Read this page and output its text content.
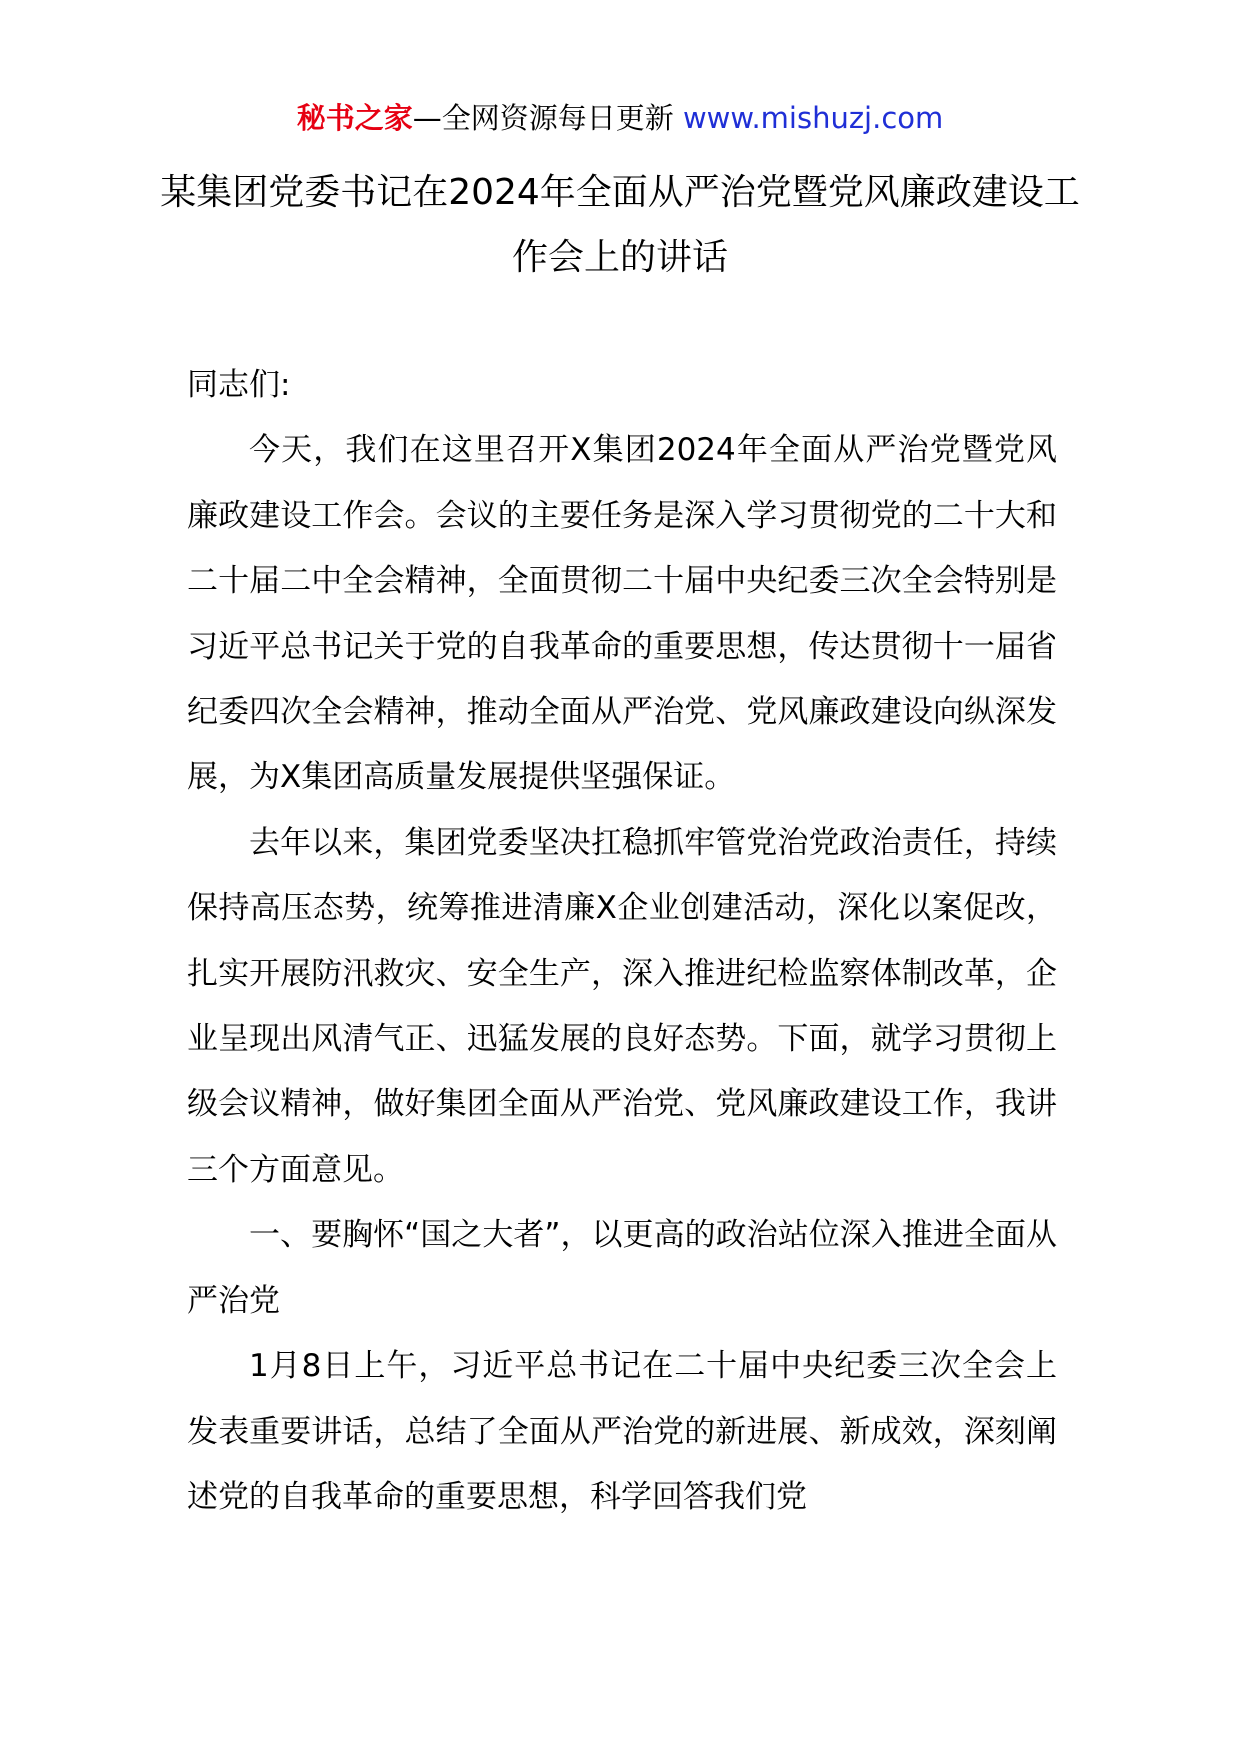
秘书之家—全网资源每日更新 www.mishuzj.com
某集团党委书记在2024年全面从严治党暨党风廉政建设工作会上的讲话

同志们:

今天，我们在这里召开X集团2024年全面从严治党暨党风廉政建设工作会。会议的主要任务是深入学习贯彻党的二十大和二十届二中全会精神，全面贯彻二十届中央纪委三次全会特别是习近平总书记关于党的自我革命的重要思想，传达贯彻十一届省纪委四次全会精神，推动全面从严治党、党风廉政建设向纵深发展，为X集团高质量发展提供坚强保证。

去年以来，集团党委坚决扛稳抓牢管党治党政治责任，持续保持高压态势，统筹推进清廉X企业创建活动，深化以案促改，扎实开展防汛救灾、安全生产，深入推进纪检监察体制改革，企业呈现出风清气正、迅猛发展的良好态势。下面，就学习贯彻上级会议精神，做好集团全面从严治党、党风廉政建设工作，我讲三个方面意见。

一、要胸怀“国之大者”，以更高的政治站位深入推进全面从严治党

1月8日上午，习近平总书记在二十届中央纪委三次全会上发表重要讲话，总结了全面从严治党的新进展、新成效，深刻阐述党的自我革命的重要思想，科学回答我们党
